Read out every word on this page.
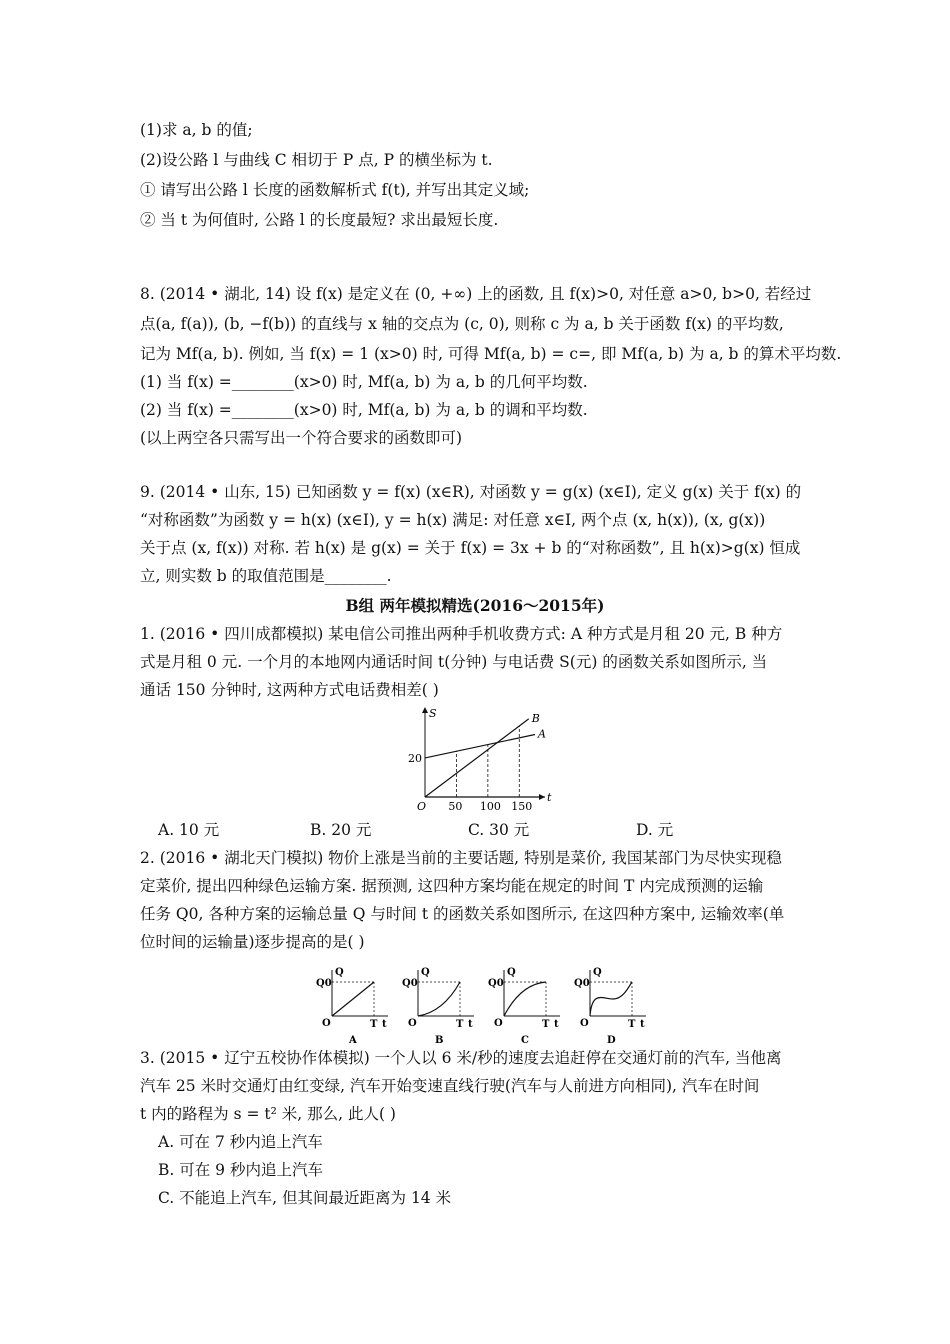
(1)求 a, b 的值;
(2)设公路 l 与曲线 C 相切于 P 点, P 的横坐标为 t.
① 请写出公路 l 长度的函数解析式 f(t), 并写出其定义域;
② 当 t 为何值时, 公路 l 的长度最短? 求出最短长度.
8. (2014 • 湖北, 14) 设 f(x) 是定义在 (0, +∞) 上的函数, 且 f(x)>0, 对任意 a>0, b>0, 若经过
点(a, f(a)), (b, −f(b)) 的直线与 x 轴的交点为 (c, 0), 则称 c 为 a, b 关于函数 f(x) 的平均数,
记为 Mf(a, b). 例如, 当 f(x) = 1 (x>0) 时, 可得 Mf(a, b) = c=, 即 Mf(a, b) 为 a, b 的算术平均数.
(1) 当 f(x) =________(x>0) 时, Mf(a, b) 为 a, b 的几何平均数.
(2) 当 f(x) =________(x>0) 时, Mf(a, b) 为 a, b 的调和平均数.
(以上两空各只需写出一个符合要求的函数即可)
9. (2014 • 山东, 15) 已知函数 y = f(x) (x∈R), 对函数 y = g(x) (x∈I), 定义 g(x) 关于 f(x) 的
“对称函数”为函数 y = h(x) (x∈I), y = h(x) 满足: 对任意 x∈I, 两个点 (x, h(x)), (x, g(x))
关于点 (x, f(x)) 对称. 若 h(x) 是 g(x) = 关于 f(x) = 3x + b 的“对称函数”, 且 h(x)>g(x) 恒成
立, 则实数 b 的取值范围是________.
B组 两年模拟精选(2016～2015年)
1. (2016 • 四川成都模拟) 某电信公司推出两种手机收费方式: A 种方式是月租 20 元, B 种方
式是月租 0 元. 一个月的本地网内通话时间 t(分钟) 与电话费 S(元) 的函数关系如图所示, 当
通话 150 分钟时, 这两种方式电话费相差( )
S
t
O
20
50 100 150
A
B
A. 10 元	B. 20 元	C. 30 元	D. 元
2. (2016 • 湖北天门模拟) 物价上涨是当前的主要话题, 特别是菜价, 我国某部门为尽快实现稳
定菜价, 提出四种绿色运输方案. 据预测, 这四种方案均能在规定的时间 T 内完成预测的运输
任务 Q0, 各种方案的运输总量 Q 与时间 t 的函数关系如图所示, 在这四种方案中, 运输效率(单
位时间的运输量)逐步提高的是( )
Q0
Q
O	T t
A
Q0
Q
O	T t
B
Q0
Q
O	T t
C
Q0
Q
O	T t
D
3. (2015 • 辽宁五校协作体模拟) 一个人以 6 米/秒的速度去追赶停在交通灯前的汽车, 当他离
汽车 25 米时交通灯由红变绿, 汽车开始变速直线行驶(汽车与人前进方向相同), 汽车在时间
t 内的路程为 s = t² 米, 那么, 此人( )
A. 可在 7 秒内追上汽车
B. 可在 9 秒内追上汽车
C. 不能追上汽车, 但其间最近距离为 14 米
